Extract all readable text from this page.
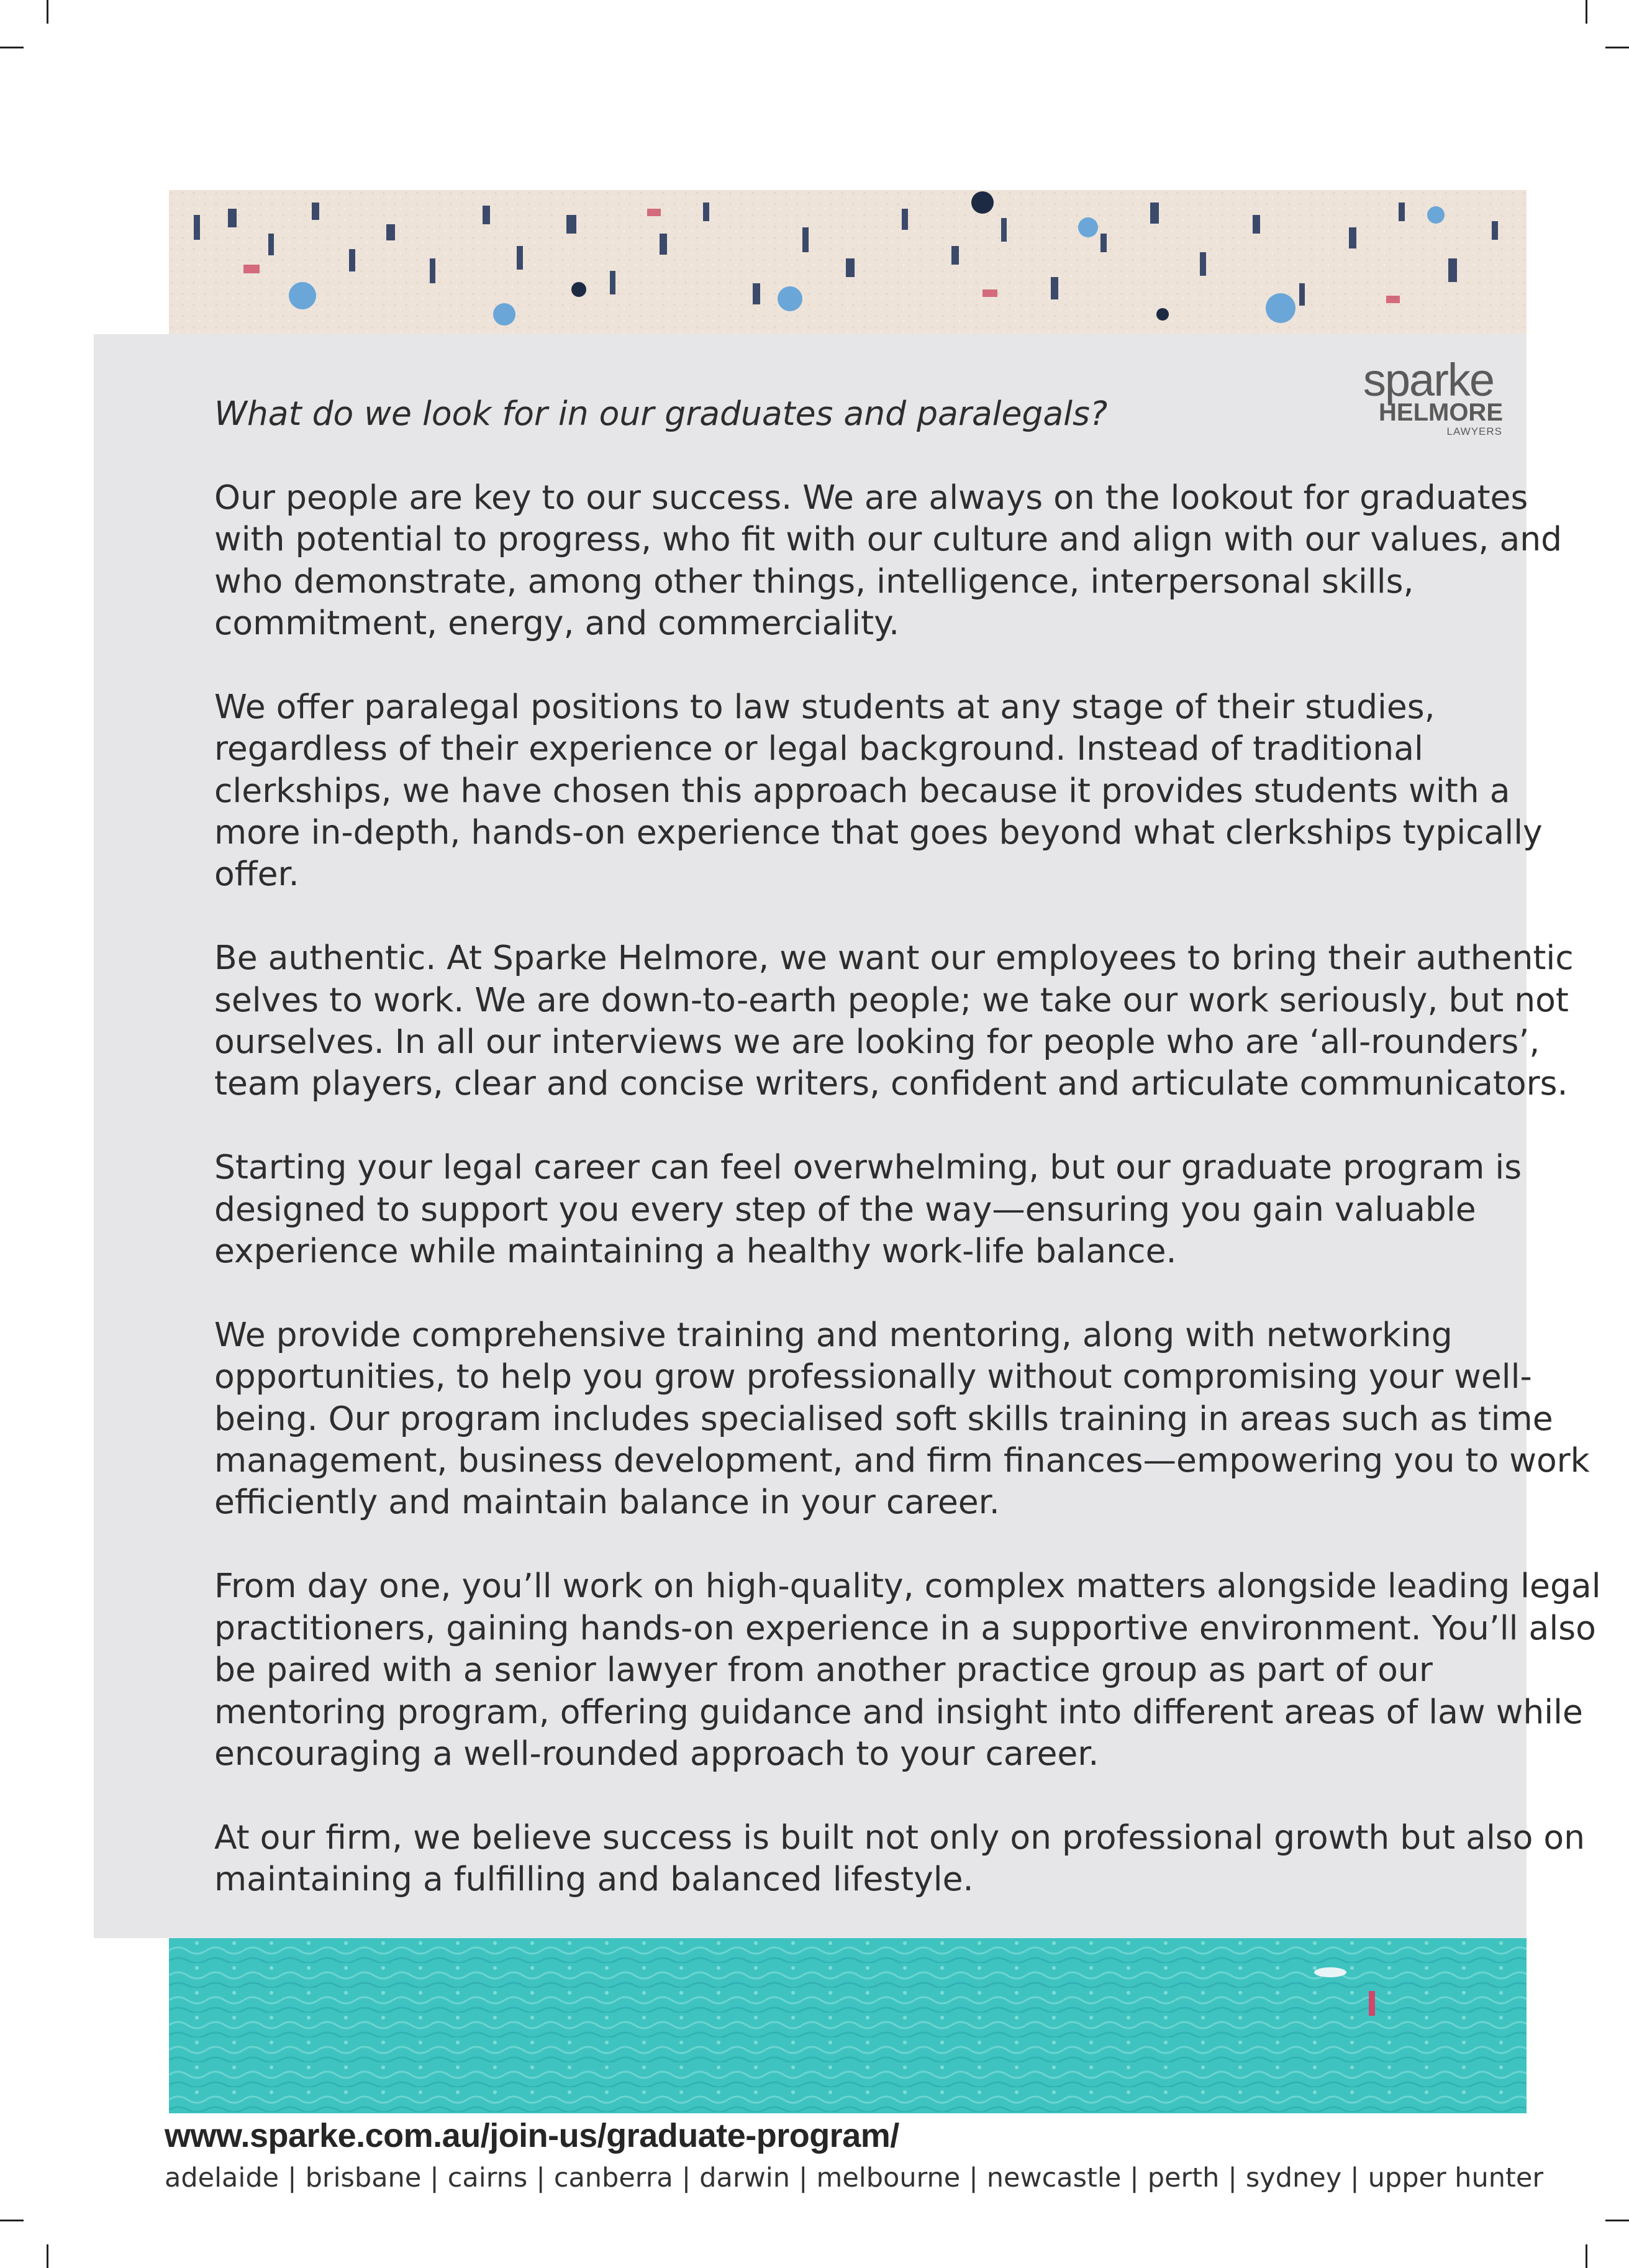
sparke
HELMORE
LAWYERS

What do we look for in our graduates and paralegals?

Our people are key to our success. We are always on the lookout for graduates
with potential to progress, who fit with our culture and align with our values, and
who demonstrate, among other things, intelligence, interpersonal skills,
commitment, energy, and commerciality.

We offer paralegal positions to law students at any stage of their studies,
regardless of their experience or legal background. Instead of traditional
clerkships, we have chosen this approach because it provides students with a
more in-depth, hands-on experience that goes beyond what clerkships typically
offer.

Be authentic. At Sparke Helmore, we want our employees to bring their authentic
selves to work. We are down-to-earth people; we take our work seriously, but not
ourselves. In all our interviews we are looking for people who are ‘all-rounders’,
team players, clear and concise writers, confident and articulate communicators.

Starting your legal career can feel overwhelming, but our graduate program is
designed to support you every step of the way—ensuring you gain valuable
experience while maintaining a healthy work-life balance.

We provide comprehensive training and mentoring, along with networking
opportunities, to help you grow professionally without compromising your well-
being. Our program includes specialised soft skills training in areas such as time
management, business development, and firm finances—empowering you to work
efficiently and maintain balance in your career.

From day one, you’ll work on high-quality, complex matters alongside leading legal
practitioners, gaining hands-on experience in a supportive environment. You’ll also
be paired with a senior lawyer from another practice group as part of our
mentoring program, offering guidance and insight into different areas of law while
encouraging a well-rounded approach to your career.

At our firm, we believe success is built not only on professional growth but also on
maintaining a fulfilling and balanced lifestyle.

www.sparke.com.au/join-us/graduate-program/
adelaide | brisbane | cairns | canberra | darwin | melbourne | newcastle | perth | sydney | upper hunter
